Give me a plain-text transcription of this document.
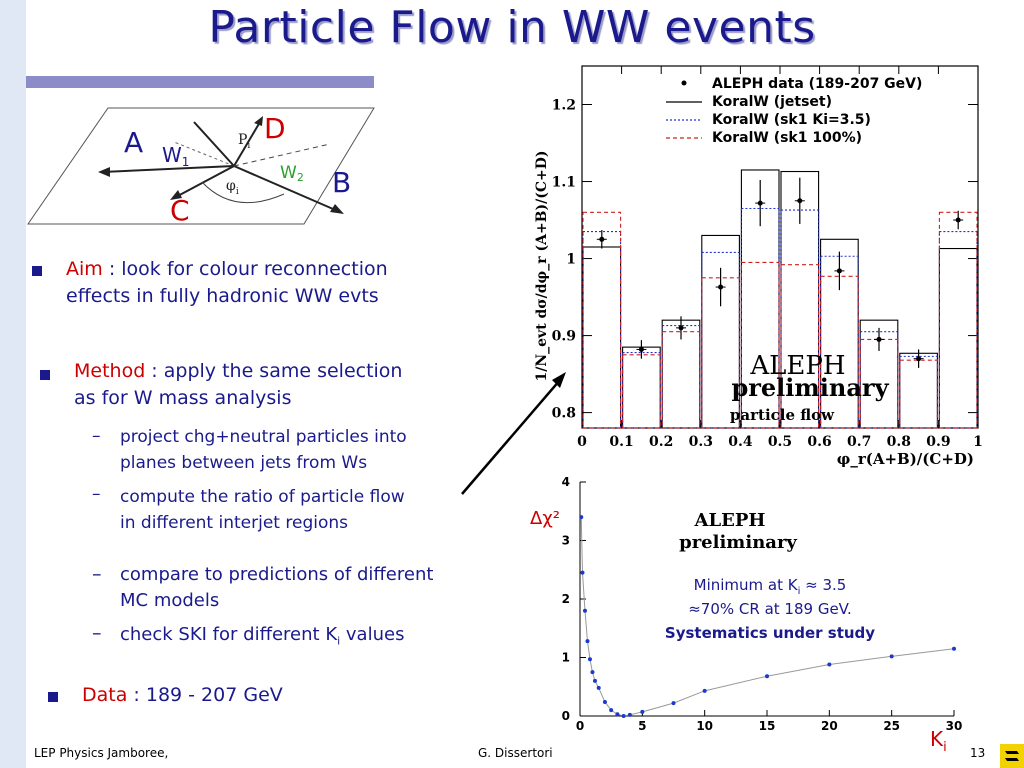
Particle Flow in WW events
$P_i$
$\varphi_i$
A $W_1$
D
W2 B
C
Aim : look for colour reconnection
effects in fully hadronic WW evts
Method : apply the same selection
as for W mass analysis
– project chg+neutral particles into
planes between jets from Ws
– compute the ratio of particle flow
in different interjet regions
– compare to predictions of different
MC models
– check SKI for different $K_i$ values
Data : 189 - 207 GeV
0 0.1 0.2 0.3 0.4 0.5 0.6 0.7 0.8 0.9 1
0.8
0.9
1
1.1
1.2
1/N_evt dσ/dφ_r (A+B)/(C+D)
φ_r(A+B)/(C+D)
ALEPH data (189-207 GeV)
KoralW (jetset)
KoralW (sk1 Ki=3.5)
KoralW (sk1 100%)
ALEPH
preliminary
particle flow
0	5	10	15	20	25	30
0
1
2
3
4
Δχ²	ALEPH
preliminary
Minimum at $K_i \approx 3.5$
≈70% CR at 189 GeV.
Systematics under study
$K_i$
LEP Physics Jamboree,	G. Dissertori	13
